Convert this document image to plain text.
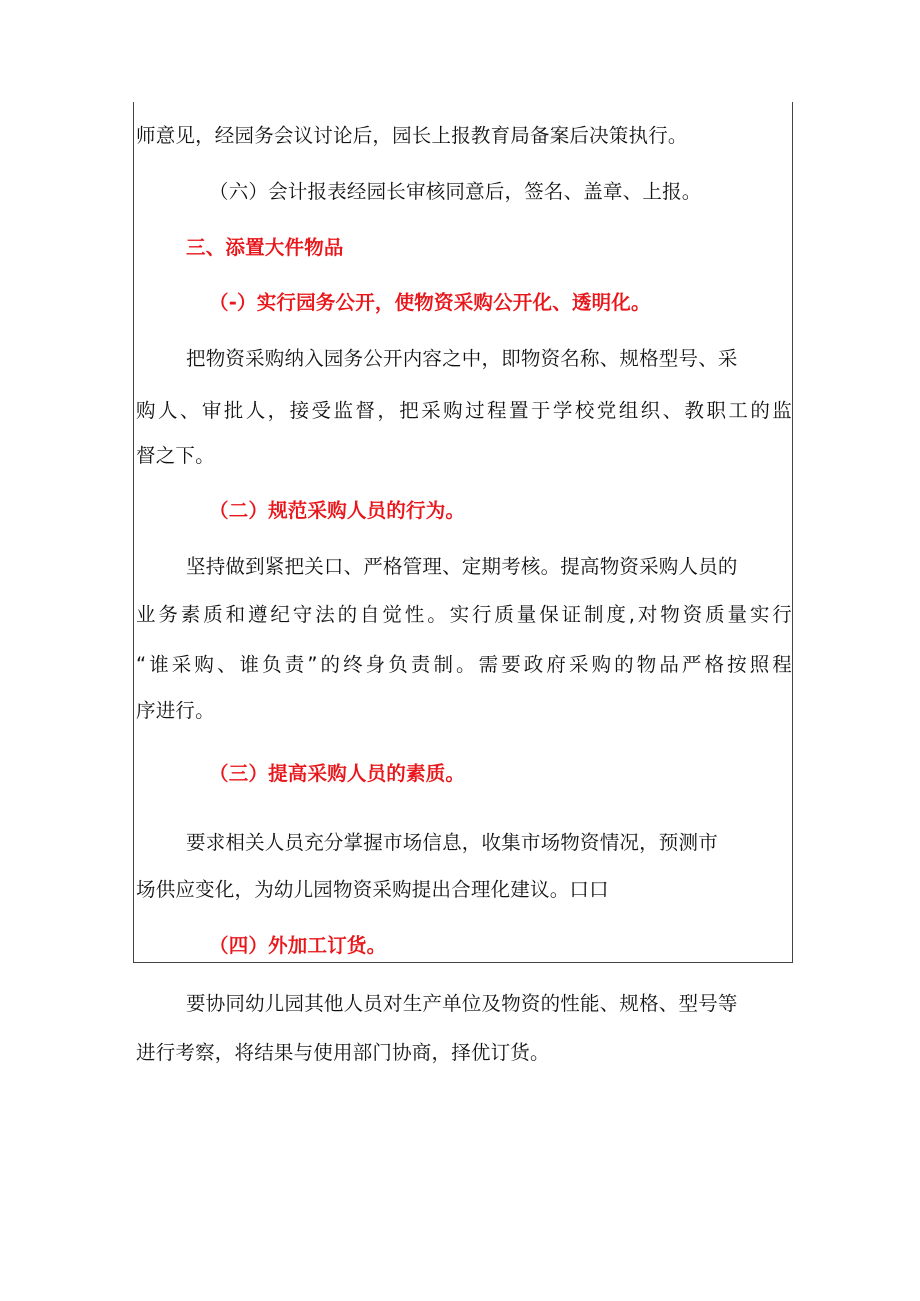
师意见，经园务会议讨论后，园长上报教育局备案后决策执行。
（六）会计报表经园长审核同意后，签名、盖章、上报。
三、添置大件物品
（-）实行园务公开，使物资采购公开化、透明化。
把物资采购纳入园务公开内容之中，即物资名称、规格型号、采
购人、审批人，接受监督，把采购过程置于学校党组织、教职工的监
督之下。
（二）规范采购人员的行为。
坚持做到紧把关口、严格管理、定期考核。提高物资采购人员的
业务素质和遵纪守法的自觉性。实行质量保证制度,对物资质量实行
“谁采购、谁负责”的终身负责制。需要政府采购的物品严格按照程
序进行。
（三）提高采购人员的素质。
要求相关人员充分掌握市场信息，收集市场物资情况，预测市
场供应变化，为幼儿园物资采购提出合理化建议。口口
（四）外加工订货。
要协同幼儿园其他人员对生产单位及物资的性能、规格、型号等
进行考察，将结果与使用部门协商，择优订货。
